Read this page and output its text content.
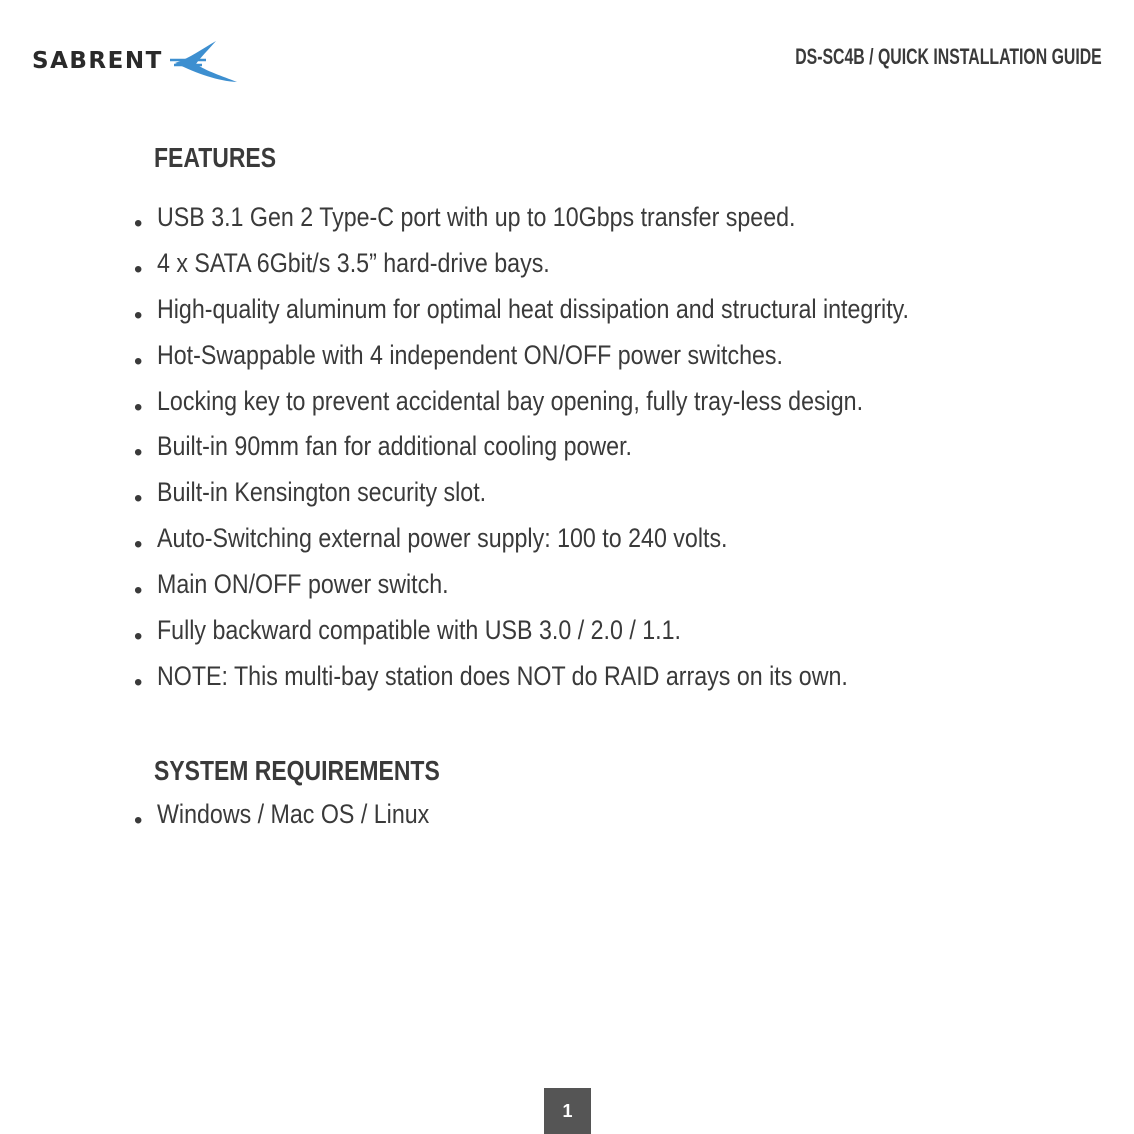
SABRENT	DS-SC4B / QUICK INSTALLATION GUIDE
FEATURES
• USB 3.1 Gen 2 Type-C port with up to 10Gbps transfer speed.
• 4 x SATA 6Gbit/s 3.5” hard-drive bays.
• High-quality aluminum for optimal heat dissipation and structural integrity.
• Hot-Swappable with 4 independent ON/OFF power switches.
• Locking key to prevent accidental bay opening, fully tray-less design.
• Built-in 90mm fan for additional cooling power.
• Built-in Kensington security slot.
• Auto-Switching external power supply: 100 to 240 volts.
• Main ON/OFF power switch.
• Fully backward compatible with USB 3.0 / 2.0 / 1.1.
• NOTE: This multi-bay station does NOT do RAID arrays on its own.
SYSTEM REQUIREMENTS
• Windows / Mac OS / Linux
1
